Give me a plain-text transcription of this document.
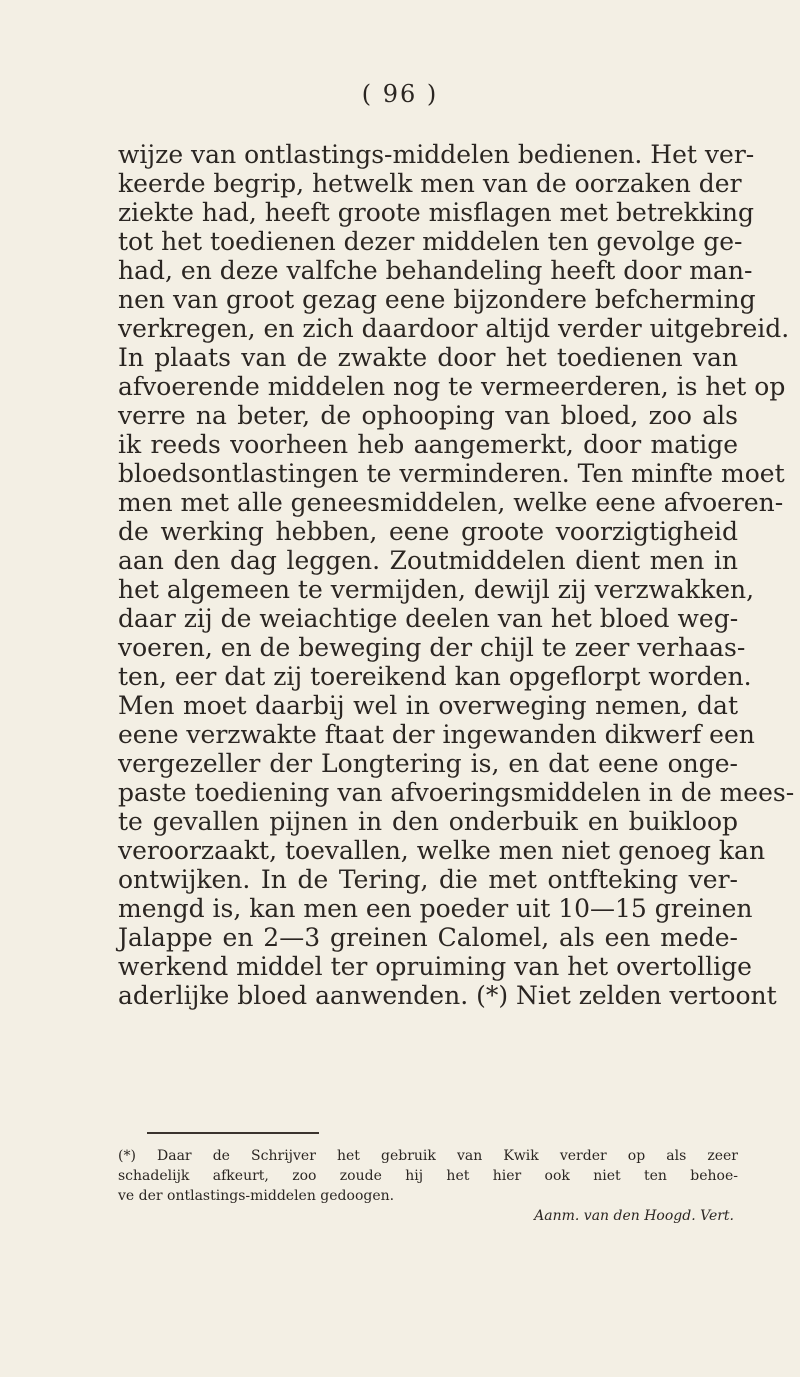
( 96 )
wijze van ontlastings-middelen bedienen. Het ver-
keerde begrip, hetwelk men van de oorzaken der
ziekte had, heeft groote misflagen met betrekking
tot het toedienen dezer middelen ten gevolge ge-
had, en deze valfche behandeling heeft door man-
nen van groot gezag eene bijzondere befcherming
verkregen, en zich daardoor altijd verder uitgebreid.
In plaats van de zwakte door het toedienen van
afvoerende middelen nog te vermeerderen, is het op
verre na beter, de ophooping van bloed, zoo als
ik reeds voorheen heb aangemerkt, door matige
bloedsontlastingen te verminderen. Ten minfte moet
men met alle geneesmiddelen, welke eene afvoeren-
de werking hebben, eene groote voorzigtigheid
aan den dag leggen. Zoutmiddelen dient men in
het algemeen te vermijden, dewijl zij verzwakken,
daar zij de weiachtige deelen van het bloed weg-
voeren, en de beweging der chijl te zeer verhaas-
ten, eer dat zij toereikend kan opgeflorpt worden.
Men moet daarbij wel in overweging nemen, dat
eene verzwakte ftaat der ingewanden dikwerf een
vergezeller der Longtering is, en dat eene onge-
paste toediening van afvoeringsmiddelen in de mees-
te gevallen pijnen in den onderbuik en buikloop
veroorzaakt, toevallen, welke men niet genoeg kan
ontwijken. In de Tering, die met ontfteking ver-
mengd is, kan men een poeder uit 10—15 greinen
Jalappe en 2—3 greinen Calomel, als een mede-
werkend middel ter opruiming van het overtollige
aderlijke bloed aanwenden. (*) Niet zelden vertoont
(*) Daar de Schrijver het gebruik van Kwik verder op als zeer
schadelijk afkeurt, zoo zoude hij het hier ook niet ten behoe-
ve der ontlastings-middelen gedoogen.
Aanm. van den Hoogd. Vert.
